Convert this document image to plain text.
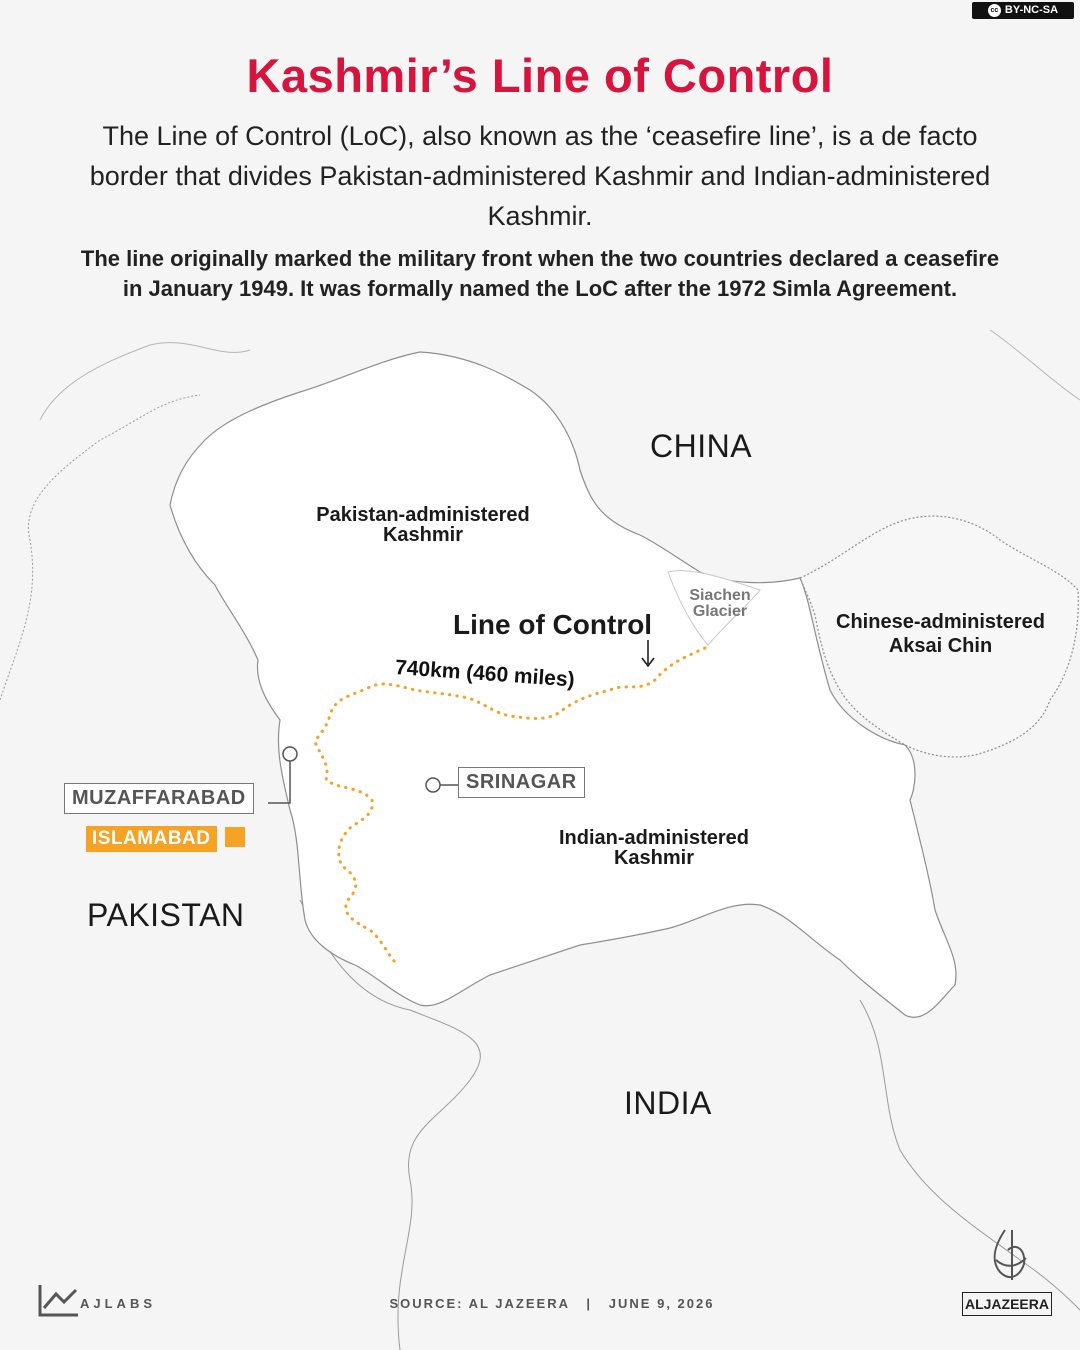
cc BY-NC-SA
Kashmir’s Line of Control
The Line of Control (LoC), also known as the ‘ceasefire line’, is a de facto border that divides Pakistan-administered Kashmir and Indian-administered Kashmir.
The line originally marked the military front when the two countries declared a ceasefire in January 1949. It was formally named the LoC after the 1972 Simla Agreement.
CHINA
PAKISTAN
INDIA
Pakistan-administered
Kashmir
Indian-administered
Kashmir
Chinese-administered
Aksai Chin
Siachen
Glacier
Line of Control
740km (460 miles)
MUZAFFARABAD
SRINAGAR
ISLAMABAD
AJLABS	SOURCE: AL JAZEERA   |   JUNE 9, 2026	ALJAZEERA
